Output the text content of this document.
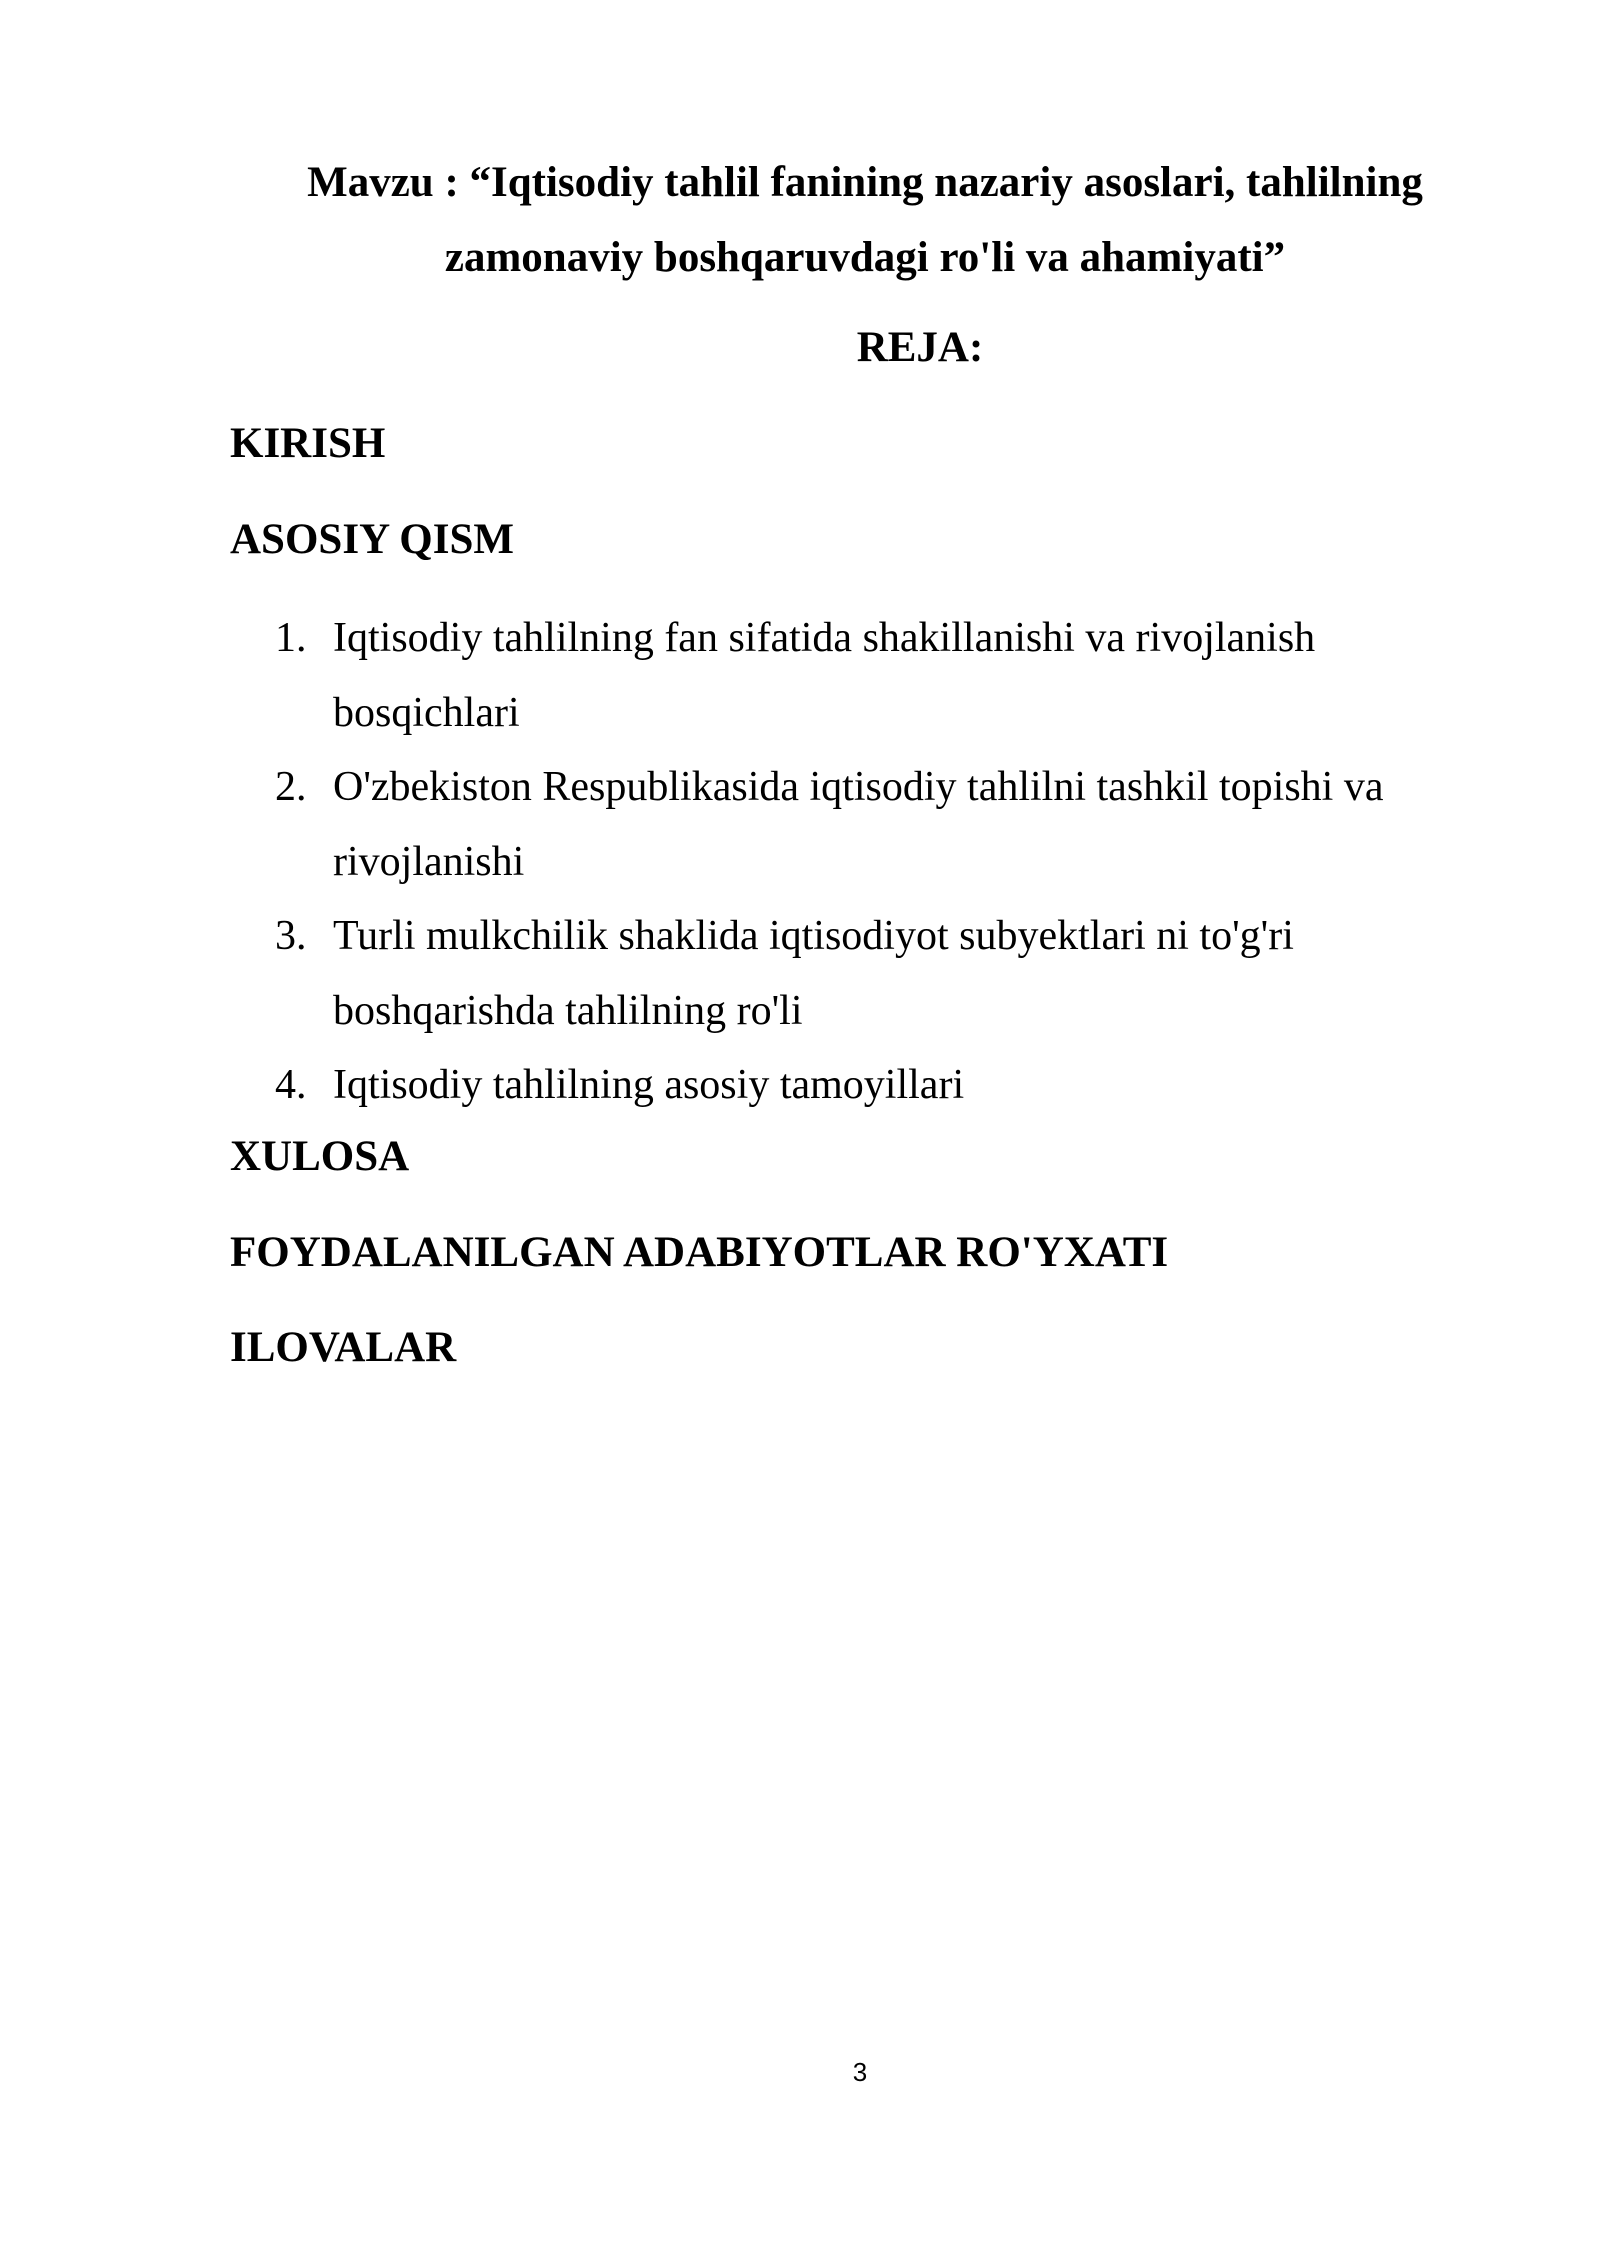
Mavzu : “Iqtisodiy tahlil fanining nazariy asoslari, tahlilning
zamonaviy boshqaruvdagi ro'li va ahamiyati”
REJA:
KIRISH
ASOSIY QISM
1. Iqtisodiy tahlilning fan sifatida shakillanishi va rivojlanish
bosqichlari
2. O'zbekiston Respublikasida iqtisodiy tahlilni tashkil topishi va
rivojlanishi
3. Turli mulkchilik shaklida iqtisodiyot subyektlari ni to'g'ri
boshqarishda tahlilning ro'li
4. Iqtisodiy tahlilning asosiy tamoyillari
XULOSA
FOYDALANILGAN ADABIYOTLAR RO'YXATI
ILOVALAR
3
